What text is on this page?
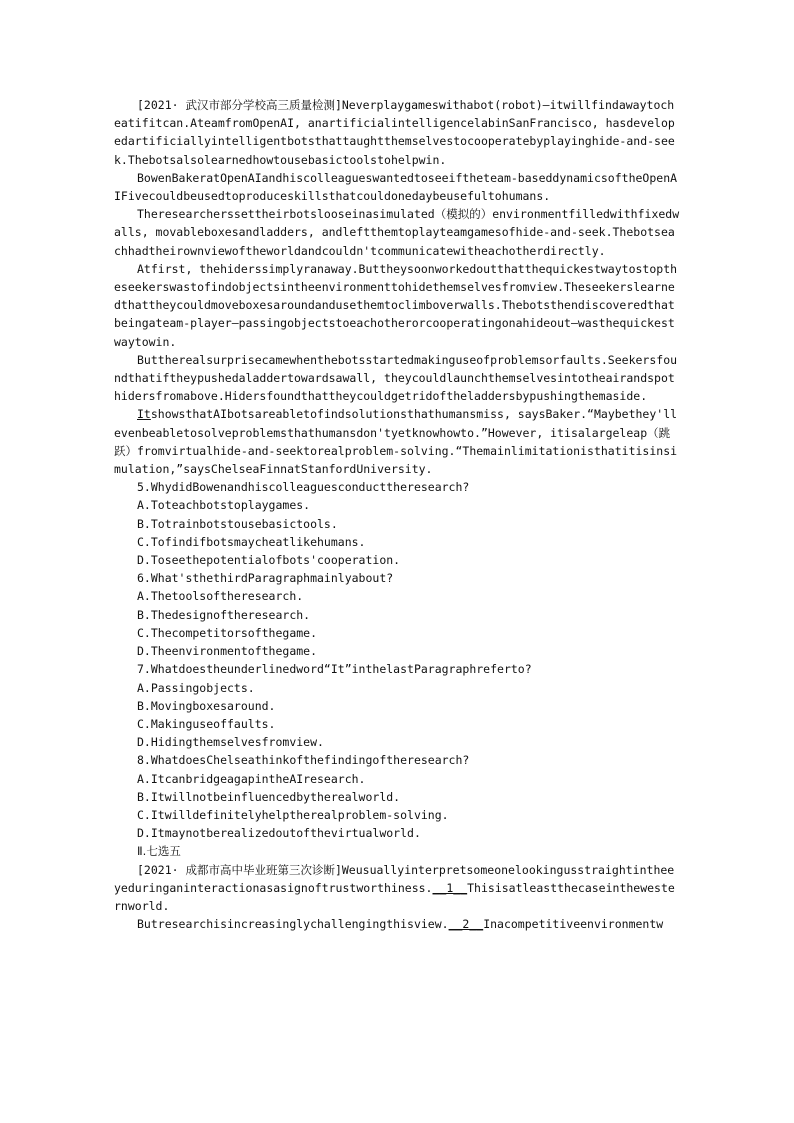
[2021· 武汉市部分学校高三质量检测]Neverplaygameswithabot(robot)—itwillfindawaytocheatifitcan.AteamfromOpenAI, anartificialintelligencelabinSanFrancisco, hasdevelopedartificiallyintelligentbotsthattaughtthemselvestocooperatebyplayinghide-and-seek.Thebotsalsolearnedhowtousebasictoolstohelpwin.

BowenBakeratOpenAIandhiscolleagueswantedtoseeiftheteam-baseddynamicsoftheOpenAIFivecouldbeusedtoproduceskillsthatcouldonedaybeusefultohumans.

Theresearcherssettheirbotslooseinasimulated（模拟的）environmentfilledwithfixedwalls, movableboxesandladders, andleftthemtoplayteamgamesofhide-and-seek.Thebotseachhadtheirownviewoftheworldandcouldn'tcommunicatewitheachotherdirectly.

Atfirst, thehiderssimplyranaway.Buttheysoonworkedoutthatthequickestwaytostoptheseekerswastofindobjectsintheenvironmenttohidethemselvesfromview.Theseekerslearnedthattheycouldmoveboxesaroundandusethemtoclimboverwalls.Thebotsthendiscoveredthatbeingateam-player—passingobjectstoeachotherorcooperatingonahideout—wasthequickestwaytowin.

Buttherealsurprisecamewhenthebotsstartedmakinguseofproblemsorfaults.Seekersfoundthatiftheypushedaladdertowardsawall, theycouldlaunchthemselvesintotheairandspothidersfromabove.Hidersfoundthattheycouldgetridoftheladdersbypushingthemaside.

ItshowsthatAIbotsareabletofindsolutionsthathumansmiss, saysBaker.“Maybethey'llevenbeabletosolveproblemsthathumansdon'tyetknowhowto.”However, itisalargeleap（跳跃）fromvirtualhide-and-seektorealproblem-solving.“Themainlimitationisthatitisinsimulation,”saysChelseaFinnatStanfordUniversity.

5.WhydidBowenandhiscolleaguesconducttheresearch?

A.Toteachbotstoplaygames.

B.Totrainbotstousebasictools.

C.Tofindifbotsmaycheatlikehumans.

D.Toseethepotentialofbots'cooperation.

6.What'sthethirdParagraphmainlyabout?

A.Thetoolsoftheresearch.

B.Thedesignoftheresearch.

C.Thecompetitorsofthegame.

D.Theenvironmentofthegame.

7.Whatdoestheunderlinedword“It”inthelastParagraphreferto?

A.Passingobjects.

B.Movingboxesaround.

C.Makinguseoffaults.

D.Hidingthemselvesfromview.

8.WhatdoesChelseathinkofthefindingoftheresearch?

A.ItcanbridgeagapintheAIresearch.

B.Itwillnotbeinfluencedbytherealworld.

C.Itwilldefinitelyhelptherealproblem-solving.

D.Itmaynotberealizedoutofthevirtualworld.

Ⅱ.七选五

[2021· 成都市高中毕业班第三次诊断]Weusuallyinterpretsomeonelookingusstraightintheeyeduringaninteractionasasignoftrustworthiness.__1__Thisisatleastthecaseinthewesternworld.

Butresearchisincreasinglychallengingthisview.__2__Inacompetitiveenvironmentw
